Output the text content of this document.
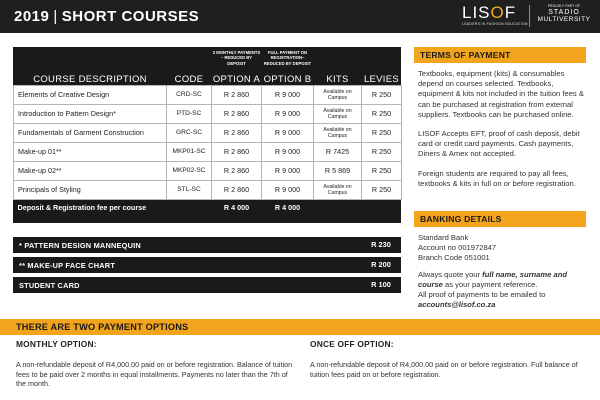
2019 | SHORT COURSES	LISOF
LEADERS IN FASHION EDUCATION
PROUDLY PART OF
STADIO
MULTIVERSITY
		2 MONTHLY PAYMENTS – REDUCED BY DEPOSIT	FULL PAYMENT ON REGISTRATION– REDUCED BY DEPOSIT		
COURSE DESCRIPTION	CODE	OPTION A	OPTION B	KITS	LEVIES
Elements of Creative Design	CRD-SC	R 2 860	R 9 000	Available on Campus	R 250
Introduction to Pattern Design*	PTD-SC	R 2 860	R 9 000	Available on Campus	R 250
Fundamentals of Garment Construction	GRC-SC	R 2 860	R 9 000	Available on Campus	R 250
Make-up 01**	MKP01-SC	R 2 860	R 9 000	R 7425	R 250
Make-up 02**	MKP02-SC	R 2 860	R 9 000	R 5 869	R 250
Principals of Styling	STL-SC	R 2 860	R 9 000	Available on Campus	R 250
Deposit & Registration fee per course		R 4 000	R 4 000		
* PATTERN DESIGN MANNEQUIN	R 230
** MAKE-UP FACE CHART	R 200
STUDENT CARD	R 100
TERMS OF PAYMENT

Textbooks, equipment (kits) & consumables depend on courses selected. Textbooks, equipment & kits not included in the tuition fees & can be purchased at registration from external suppliers. Textbooks can be purchased online.

LISOF Accepts EFT, proof of cash deposit, debit card or credit card payments. Cash payments, Diners & Amex not accepted.

Foreign students are required to pay all fees, textbooks & kits in full on or before registration.

BANKING DETAILS

Standard Bank
Account no 001972847
Branch Code 051001

Always quote your full name, surname and course as your payment reference.
All proof of payments to be emailed to accounts@lisof.co.za

THERE ARE TWO PAYMENT OPTIONS
MONTHLY OPTION:

A non-refundable deposit of R4,000.00 paid on or before registration. Balance of tuition fees to be paid over 2 months in equal installments. Payments no later than the 7th of the month.

ONCE OFF OPTION:

A non-refundable deposit of R4,000.00 paid on or before registration. Full balance of tuition fees paid on or before registration.
